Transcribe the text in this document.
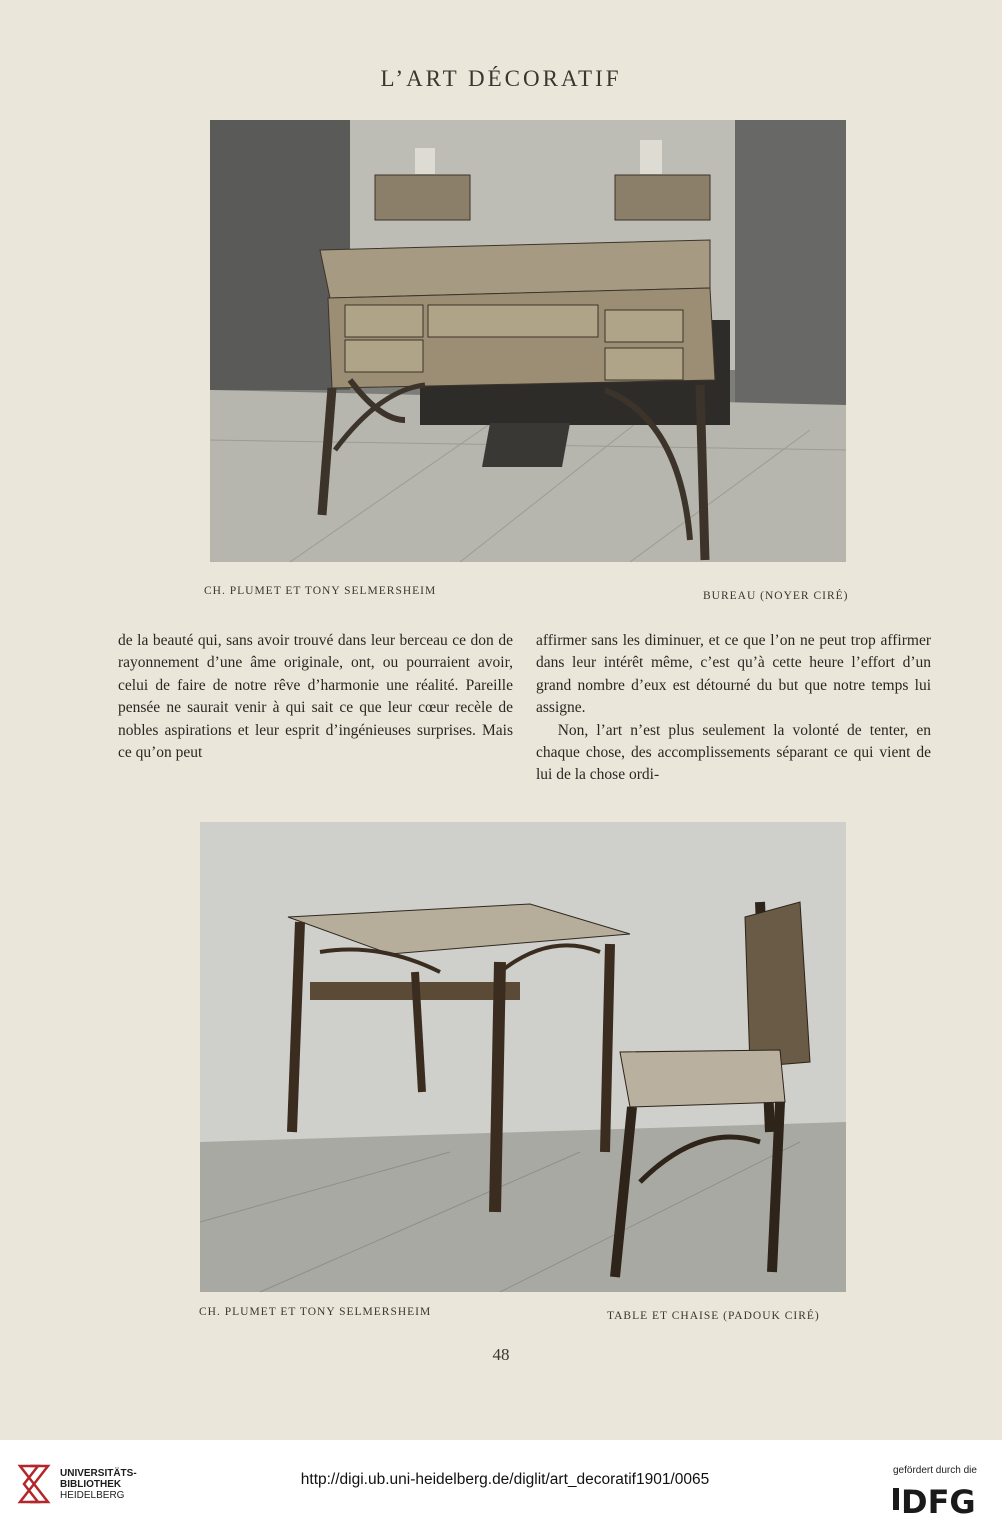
L’ART DÉCORATIF
CH. PLUMET ET TONY SELMERSHEIM	BUREAU (NOYER CIRÉ)

de la beauté qui, sans avoir trouvé dans leur berceau ce don de rayonnement d’une âme originale, ont, ou pourraient avoir, celui de faire de notre rêve d’harmonie une réalité. Pareille pensée ne saurait venir à qui sait ce que leur cœur recèle de nobles aspirations et leur esprit d’ingénieuses surprises. Mais ce qu’on peut

affirmer sans les diminuer, et ce que l’on ne peut trop affirmer dans leur intérêt même, c’est qu’à cette heure l’effort d’un grand nombre d’eux est détourné du but que notre temps lui assigne.

Non, l’art n’est plus seulement la volonté de tenter, en chaque chose, des accomplissements séparant ce qui vient de lui de la chose ordi-

CH. PLUMET ET TONY SELMERSHEIM	TABLE ET CHAISE (PADOUK CIRÉ)
48
UNIVERSITÄTS-
BIBLIOTHEK
HEIDELBERG
http://digi.ub.uni-heidelberg.de/diglit/art_decoratif1901/0065
gefördert durch die
DFG
